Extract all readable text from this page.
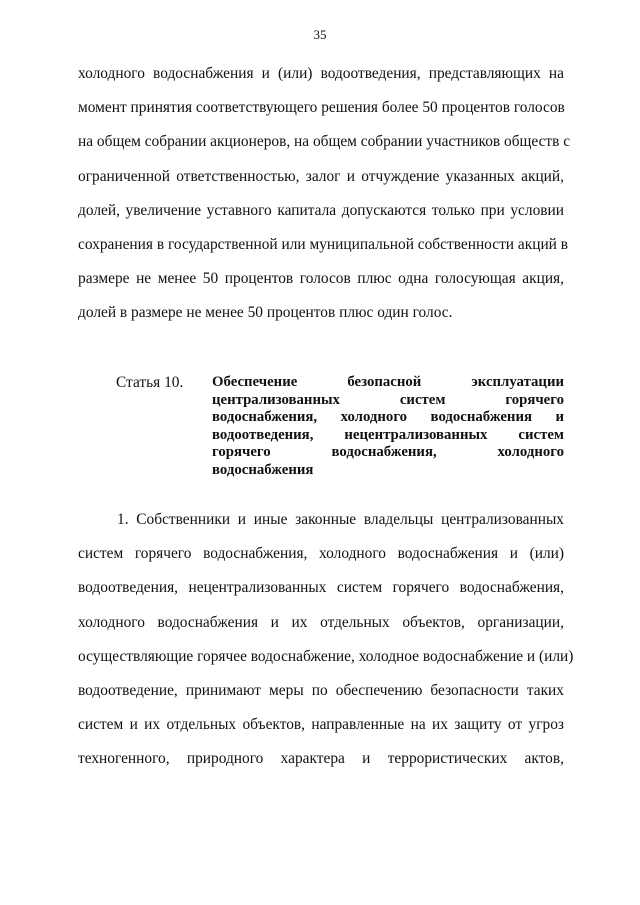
35
холодного водоснабжения и (или) водоотведения, представляющих на
момент принятия соответствующего решения более 50 процентов голосов
на общем собрании акционеров, на общем собрании участников обществ с
ограниченной ответственностью, залог и отчуждение указанных акций,
долей, увеличение уставного капитала допускаются только при условии
сохранения в государственной или муниципальной собственности акций в
размере не менее 50 процентов голосов плюс одна голосующая акция,
долей в размере не менее 50 процентов плюс один голос.
Статья 10. Обеспечение безопасной эксплуатации
централизованных систем горячего
водоснабжения, холодного водоснабжения и
водоотведения, нецентрализованных систем
горячего водоснабжения, холодного
водоснабжения
1. Собственники и иные законные владельцы централизованных
систем горячего водоснабжения, холодного водоснабжения и (или)
водоотведения, нецентрализованных систем горячего водоснабжения,
холодного водоснабжения и их отдельных объектов, организации,
осуществляющие горячее водоснабжение, холодное водоснабжение и (или)
водоотведение, принимают меры по обеспечению безопасности таких
систем и их отдельных объектов, направленные на их защиту от угроз
техногенного, природного характера и террористических актов,
